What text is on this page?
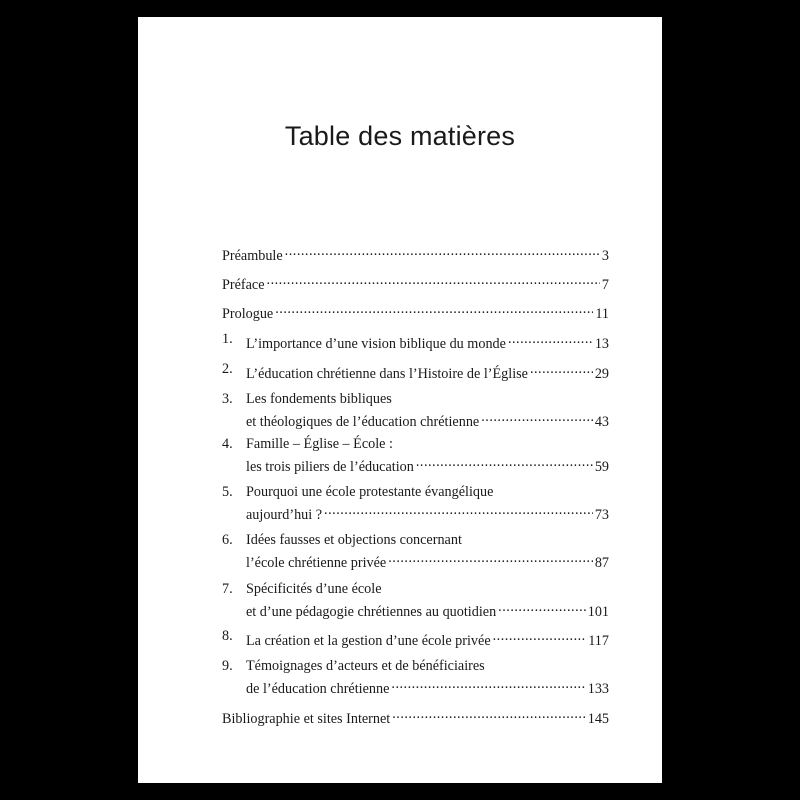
Table des matières
Préambule .....	3
Préface .....	7
Prologue .....	11
1. L’importance d’une vision biblique du monde .....	13
2. L’éducation chrétienne dans l’Histoire de l’Église .....	29
3. Les fondements bibliques
et théologiques de l’éducation chrétienne .....	43
4. Famille – Église – École :
les trois piliers de l’éducation .....	59
5. Pourquoi une école protestante évangélique
aujourd’hui ? .....	73
6. Idées fausses et objections concernant
l’école chrétienne privée .....	87
7. Spécificités d’une école
et d’une pédagogie chrétiennes au quotidien .....	101
8. La création et la gestion d’une école privée .....	117
9. Témoignages d’acteurs et de bénéficiaires
de l’éducation chrétienne .....	133
Bibliographie et sites Internet .....	145
